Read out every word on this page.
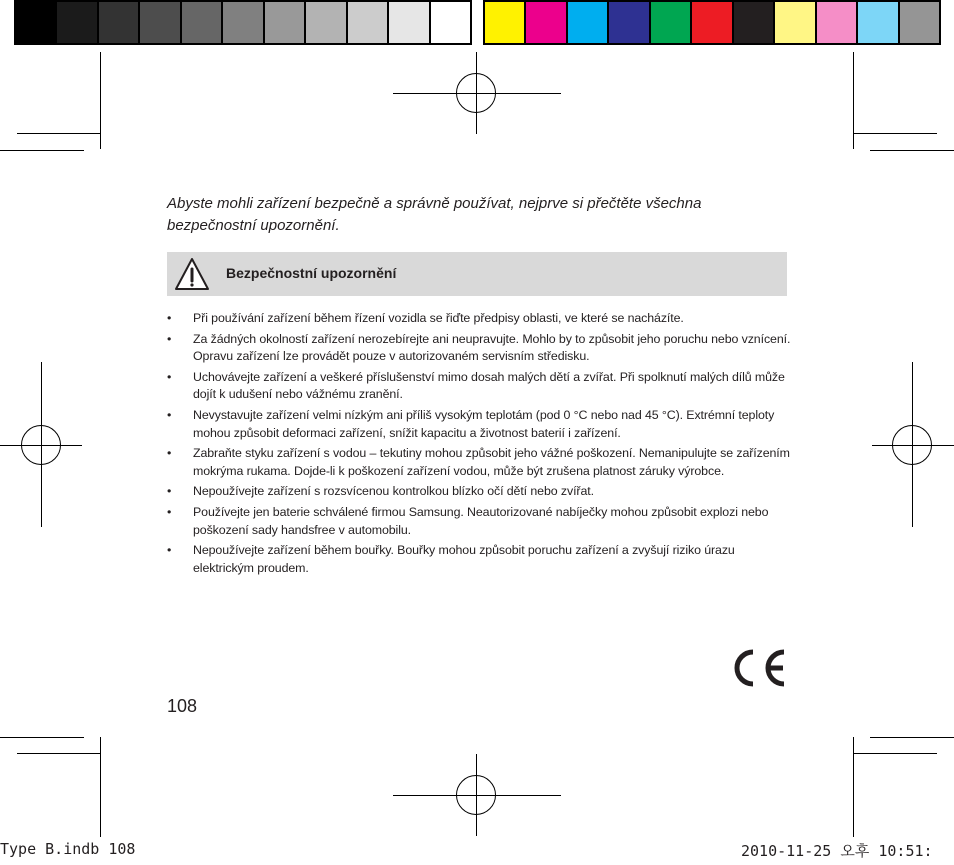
Abyste mohli zařízení bezpečně a správně používat, nejprve si přečtěte všechna bezpečnostní upozornění.
Bezpečnostní upozornění
• Při používání zařízení během řízení vozidla se řiďte předpisy oblasti, ve které se nacházíte.
• Za žádných okolností zařízení nerozebírejte ani neupravujte. Mohlo by to způsobit jeho poruchu nebo vznícení. Opravu zařízení lze provádět pouze v autorizovaném servisním středisku.
• Uchovávejte zařízení a veškeré příslušenství mimo dosah malých dětí a zvířat. Při spolknutí malých dílů může dojít k udušení nebo vážnému zranění.
• Nevystavujte zařízení velmi nízkým ani příliš vysokým teplotám (pod 0 °C nebo nad 45 °C). Extrémní teploty mohou způsobit deformaci zařízení, snížit kapacitu a životnost baterií i zařízení.
• Zabraňte styku zařízení s vodou – tekutiny mohou způsobit jeho vážné poškození. Nemanipulujte se zařízením mokrýma rukama. Dojde-li k poškození zařízení vodou, může být zrušena platnost záruky výrobce.
• Nepoužívejte zařízení s rozsvícenou kontrolkou blízko očí dětí nebo zvířat.
• Používejte jen baterie schválené firmou Samsung. Neautorizované nabíječky mohou způsobit explozi nebo poškození sady handsfree v automobilu.
• Nepoužívejte zařízení během bouřky. Bouřky mohou způsobit poruchu zařízení a zvyšují riziko úrazu elektrickým proudem.
108
Type B.indb 108	2010-11-25 오후 10:51:
